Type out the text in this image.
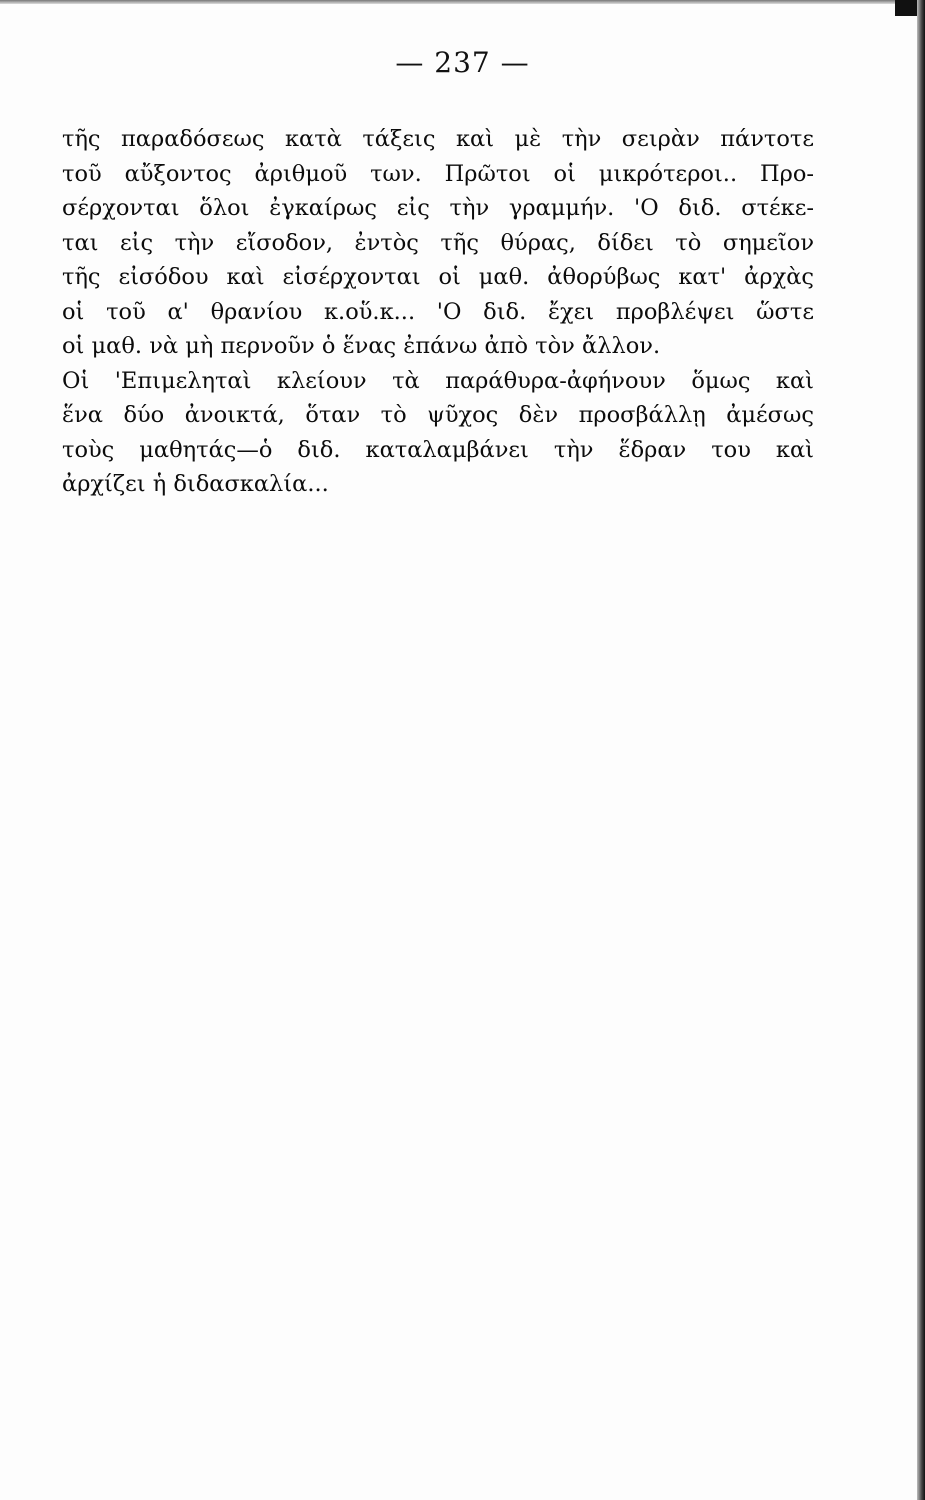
— 237 —
τῆς παραδόσεως κατὰ τάξεις καὶ μὲ τὴν σειρὰν πάντοτε
τοῦ αὔξοντος ἀριθμοῦ των. Πρῶτοι οἱ μικρότεροι.. Προ-
σέρχονται ὅλοι ἐγκαίρως εἰς τὴν γραμμήν. 'Ο διδ. στέκε-
ται εἰς τὴν εἴσοδον, ἐντὸς τῆς θύρας, δίδει τὸ σημεῖον
τῆς εἰσόδου καὶ εἰσέρχονται οἱ μαθ. ἀθορύβως κατ' ἀρχὰς
οἱ τοῦ α' θρανίου κ.οὕ.κ... 'Ο διδ. ἔχει προβλέψει ὥστε
οἱ μαθ. νὰ μὴ περνοῦν ὁ ἕνας ἐπάνω ἀπὸ τὸν ἄλλον.
Οἱ 'Επιμεληταὶ κλείουν τὰ παράθυρα-ἀφήνουν ὅμως καὶ
ἕνα δύο ἀνοικτά, ὅταν τὸ ψῦχος δὲν προσβάλλῃ ἀμέσως
τοὺς μαθητάς—ὁ διδ. καταλαμβάνει τὴν ἕδραν του καὶ
ἀρχίζει ἡ διδασκαλία...
